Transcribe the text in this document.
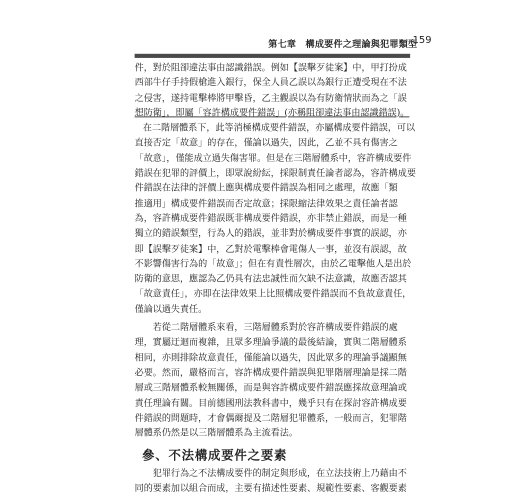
第七章　構成要件之理論與犯罪類型
159
件，對於阻卻違法事由認識錯誤。例如【誤擊歹徒案】中，甲打扮成
西部牛仔手持假槍進入銀行，保全人員乙誤以為銀行正遭受現在不法
之侵害，遂持電擊棒將甲擊昏，乙主觀誤以為有防衛情狀而為之「誤
想防衛」，即屬「容許構成要件錯誤」(亦稱阻卻違法事由認識錯誤)。
在二階層體系下，此等消極構成要件錯誤，亦屬構成要件錯誤，可以
直接否定「故意」的存在，僅論以過失，因此，乙並不具有傷害之
「故意」，僅能成立過失傷害罪。但是在三階層體系中，容許構成要件
錯誤在犯罪的評價上，即眾說紛紜，採限制責任論者認為，容許構成要
件錯誤在法律的評價上應與構成要件錯誤為相同之處理，故應「類
推適用」構成要件錯誤而否定故意；採限縮法律效果之責任論者認
為，容許構成要件錯誤既非構成要件錯誤，亦非禁止錯誤，而是一種
獨立的錯誤類型，行為人的錯誤，並非對於構成要件事實的誤認，亦
即【誤擊歹徒案】中，乙對於電擊棒會電傷人一事，並沒有誤認，故
不影響傷害行為的「故意」；但在有責性層次，由於乙電擊他人是出於
防衛的意思，應認為乙仍具有法忠誠性而欠缺不法意識，故應否認其
「故意責任」，亦即在法律效果上比照構成要件錯誤而不負故意責任，
僅論以過失責任。
若從二階層體系來看，三階層體系對於容許構成要件錯誤的處
理，實屬迂迴而複雜，且眾多理論爭議的最後結論，實與二階層體系
相同，亦則排除故意責任，僅能論以過失，因此眾多的理論爭議顯無
必要。然而，嚴格而言，容許構成要件錯誤與犯罪階層理論是採二階
層或三階層體系較無關係，而是與容許構成要件錯誤應採故意理論或
責任理論有關。目前德國刑法教科書中，幾乎只有在探討容許構成要
件錯誤的問題時，才會偶爾提及二階層犯罪體系，一般而言，犯罪階
層體系仍然是以三階層體系為主流看法。
參、不法構成要件之要素
犯罪行為之不法構成要件的制定與形成，在立法技術上乃藉由不
同的要素加以組合而成，主要有描述性要素、規範性要素、客觀要素
